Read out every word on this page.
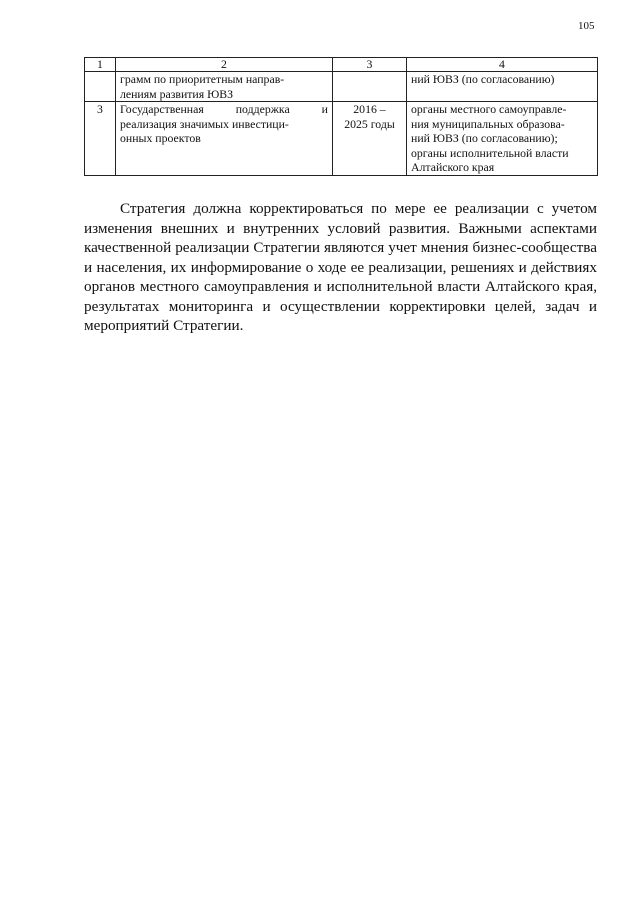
105
1	2	3	4

	грамм по приоритетным направ-
лениям развития ЮВЗ		ний ЮВЗ (по согласованию)

3	Государственная поддержка и
реализация значимых инвестици-
онных проектов	2016 –
2025 годы	органы местного самоуправле-
ния муниципальных образова-
ний ЮВЗ (по согласованию);
органы исполнительной власти
Алтайского края

Стратегия должна корректироваться по мере ее реализации с учетом изменения внешних и внутренних условий развития. Важными аспектами качественной реализации Стратегии являются учет мнения бизнес-сообщества и населения, их информирование о ходе ее реализации, решениях и действиях органов местного самоуправления и исполнительной власти Алтайского края, результатах мониторинга и осуществлении корректировки целей, задач и мероприятий Стратегии.
